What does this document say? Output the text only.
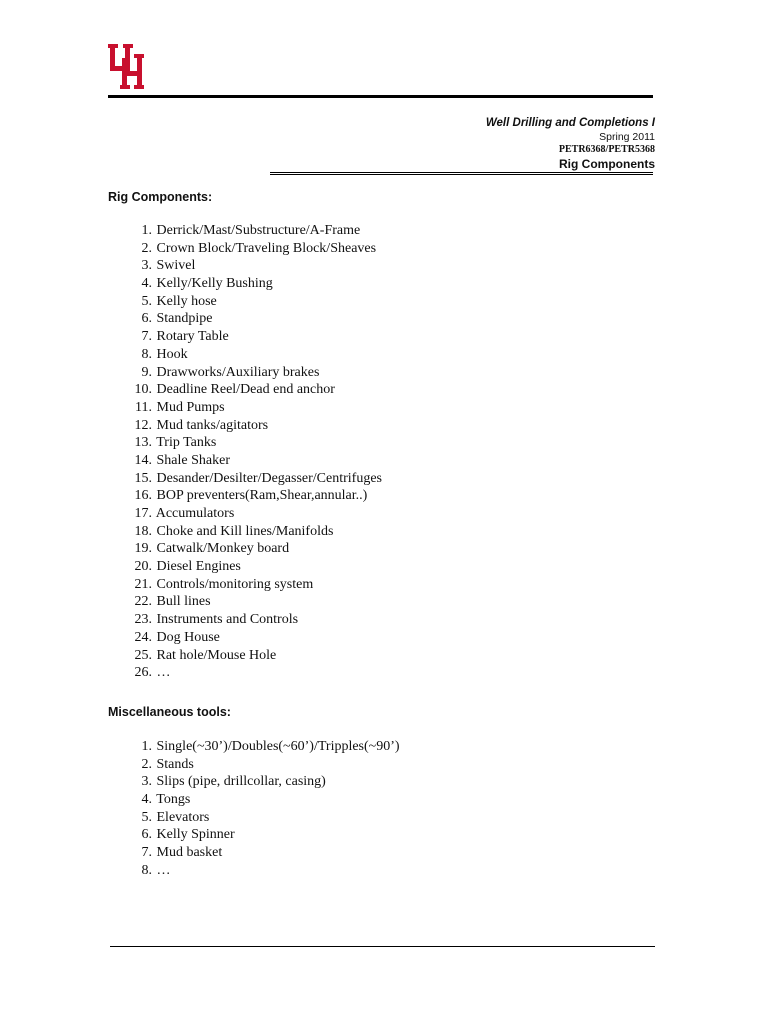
Well Drilling and Completions I
Spring 2011
PETR6368/PETR5368
Rig Components
Rig Components:
1. Derrick/Mast/Substructure/A-Frame
2. Crown Block/Traveling Block/Sheaves
3. Swivel
4. Kelly/Kelly Bushing
5. Kelly hose
6. Standpipe
7. Rotary Table
8. Hook
9. Drawworks/Auxiliary brakes
10. Deadline Reel/Dead end anchor
11. Mud Pumps
12. Mud tanks/agitators
13. Trip Tanks
14. Shale Shaker
15. Desander/Desilter/Degasser/Centrifuges
16. BOP preventers(Ram,Shear,annular..)
17. Accumulators
18. Choke and Kill lines/Manifolds
19. Catwalk/Monkey board
20. Diesel Engines
21. Controls/monitoring system
22. Bull lines
23. Instruments and Controls
24. Dog House
25. Rat hole/Mouse Hole
26. …
Miscellaneous tools:
1. Single(~30’)/Doubles(~60’)/Tripples(~90’)
2. Stands
3. Slips (pipe, drillcollar, casing)
4. Tongs
5. Elevators
6. Kelly Spinner
7. Mud basket
8. …
